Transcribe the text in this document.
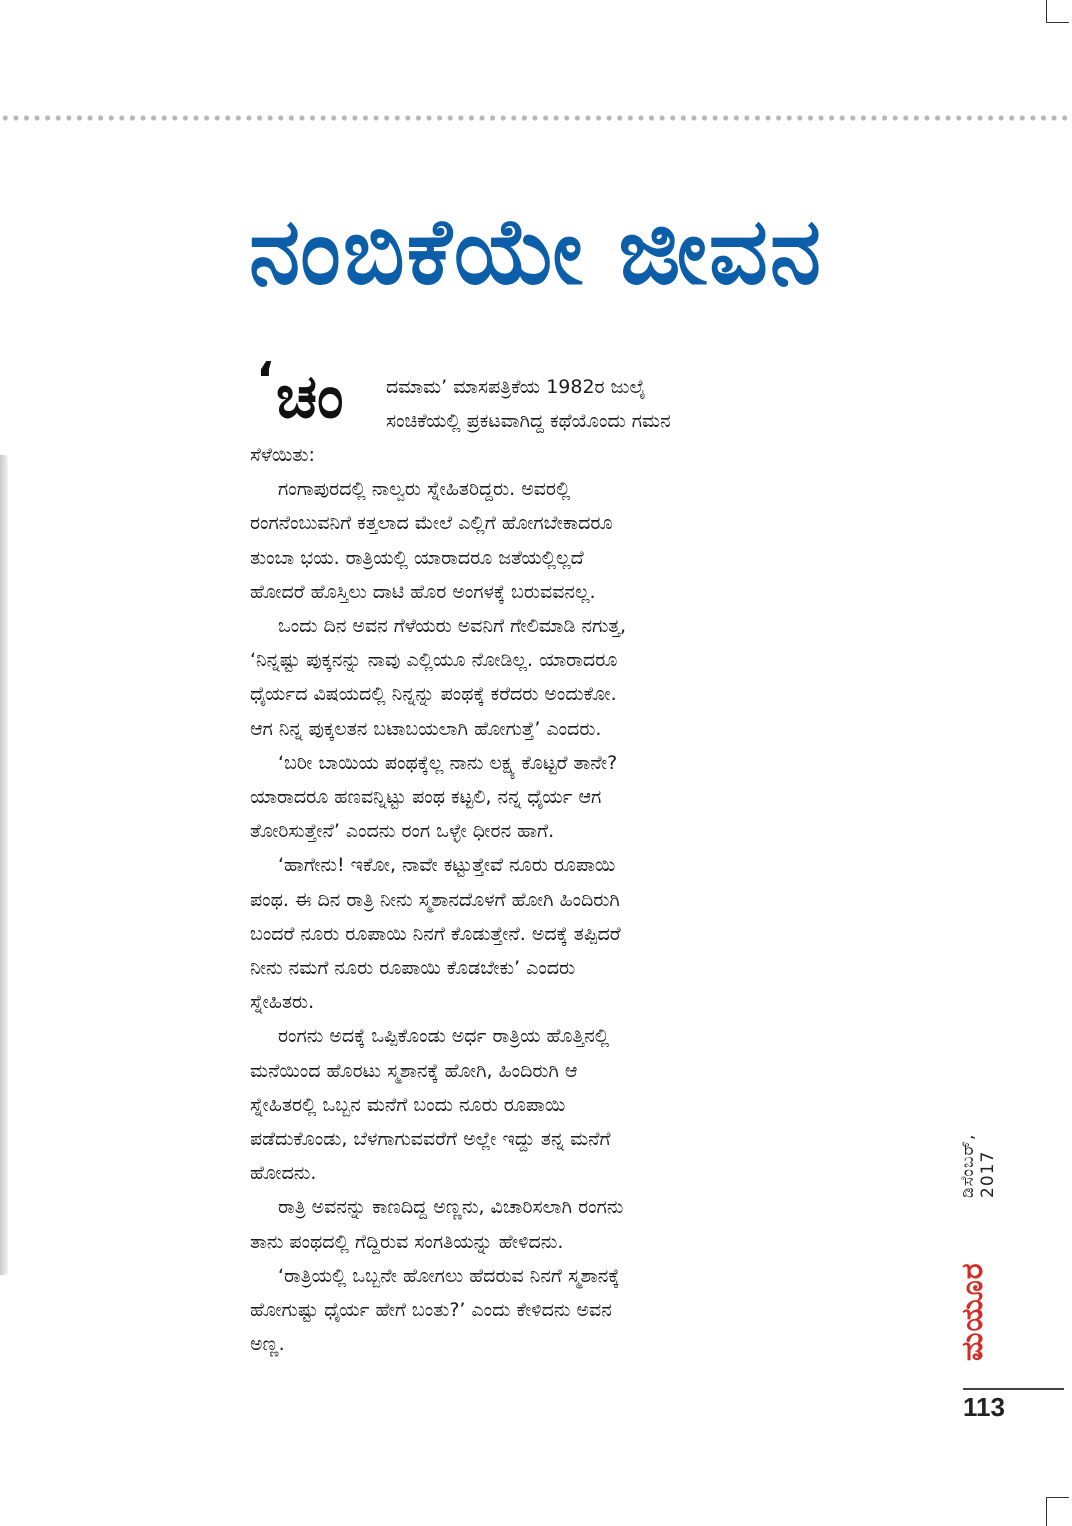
ನಂಬಿಕೆಯೇ ಜೀವನ
‘ ಚಂ ದಮಾಮ’ ಮಾಸಪತ್ರಿಕೆಯ 1982ರ ಜುಲೈ
ಸಂಚಿಕೆಯಲ್ಲಿ ಪ್ರಕಟವಾಗಿದ್ದ ಕಥೆಯೊಂದು ಗಮನ
ಸೆಳೆಯಿತು:

ಗಂಗಾಪುರದಲ್ಲಿ ನಾಲ್ವರು ಸ್ನೇಹಿತರಿದ್ದರು. ಅವರಲ್ಲಿ
ರಂಗನೆಂಬುವನಿಗೆ ಕತ್ತಲಾದ ಮೇಲೆ ಎಲ್ಲಿಗೆ ಹೋಗಬೇಕಾದರೂ
ತುಂಬಾ ಭಯ. ರಾತ್ರಿಯಲ್ಲಿ ಯಾರಾದರೂ ಜತೆಯಲ್ಲಿಲ್ಲದೆ
ಹೋದರೆ ಹೊಸ್ತಿಲು ದಾಟಿ ಹೊರ ಅಂಗಳಕ್ಕೆ ಬರುವವನಲ್ಲ.

ಒಂದು ದಿನ ಅವನ ಗೆಳೆಯರು ಅವನಿಗೆ ಗೇಲಿಮಾಡಿ ನಗುತ್ತ,
‘ನಿನ್ನಷ್ಟು ಪುಕ್ಕನನ್ನು ನಾವು ಎಲ್ಲಿಯೂ ನೋಡಿಲ್ಲ. ಯಾರಾದರೂ
ಧೈರ್ಯದ ವಿಷಯದಲ್ಲಿ ನಿನ್ನನ್ನು ಪಂಥಕ್ಕೆ ಕರೆದರು ಅಂದುಕೋ.
ಆಗ ನಿನ್ನ ಪುಕ್ಕಲತನ ಬಟಾಬಯಲಾಗಿ ಹೋಗುತ್ತೆ’ ಎಂದರು.

‘ಬರೀ ಬಾಯಿಯ ಪಂಥಕ್ಕೆಲ್ಲ ನಾನು ಲಕ್ಷ್ಯ ಕೊಟ್ಟರೆ ತಾನೇ?
ಯಾರಾದರೂ ಹಣವನ್ನಿಟ್ಟು ಪಂಥ ಕಟ್ಟಲಿ, ನನ್ನ ಧೈರ್ಯ ಆಗ
ತೋರಿಸುತ್ತೇನೆ’ ಎಂದನು ರಂಗ ಒಳ್ಳೇ ಧೀರನ ಹಾಗೆ.

‘ಹಾಗೇನು! ಇಕೋ, ನಾವೇ ಕಟ್ಟುತ್ತೇವೆ ನೂರು ರೂಪಾಯಿ
ಪಂಥ. ಈ ದಿನ ರಾತ್ರಿ ನೀನು ಸ್ಮಶಾನದೊಳಗೆ ಹೋಗಿ ಹಿಂದಿರುಗಿ
ಬಂದರೆ ನೂರು ರೂಪಾಯಿ ನಿನಗೆ ಕೊಡುತ್ತೇನೆ. ಅದಕ್ಕೆ ತಪ್ಪಿದರೆ
ನೀನು ನಮಗೆ ನೂರು ರೂಪಾಯಿ ಕೊಡಬೇಕು’ ಎಂದರು
ಸ್ನೇಹಿತರು.

ರಂಗನು ಅದಕ್ಕೆ ಒಪ್ಪಿಕೊಂಡು ಅರ್ಧ ರಾತ್ರಿಯ ಹೊತ್ತಿನಲ್ಲಿ
ಮನೆಯಿಂದ ಹೊರಟು ಸ್ಮಶಾನಕ್ಕೆ ಹೋಗಿ, ಹಿಂದಿರುಗಿ ಆ
ಸ್ನೇಹಿತರಲ್ಲಿ ಒಬ್ಬನ ಮನೆಗೆ ಬಂದು ನೂರು ರೂಪಾಯಿ
ಪಡೆದುಕೊಂಡು, ಬೆಳಗಾಗುವವರೆಗೆ ಅಲ್ಲೇ ಇದ್ದು ತನ್ನ ಮನೆಗೆ
ಹೋದನು.

ರಾತ್ರಿ ಅವನನ್ನು ಕಾಣದಿದ್ದ ಅಣ್ಣನು, ವಿಚಾರಿಸಲಾಗಿ ರಂಗನು
ತಾನು ಪಂಥದಲ್ಲಿ ಗೆದ್ದಿರುವ ಸಂಗತಿಯನ್ನು ಹೇಳಿದನು.

‘ರಾತ್ರಿಯಲ್ಲಿ ಒಬ್ಬನೇ ಹೋಗಲು ಹೆದರುವ ನಿನಗೆ ಸ್ಮಶಾನಕ್ಕೆ
ಹೋಗುಷ್ಟು ಧೈರ್ಯ ಹೇಗೆ ಬಂತು?’ ಎಂದು ಕೇಳಿದನು ಅವನ
ಅಣ್ಣ.

ಡಿಸೆಂಬರ್, 2017
ಮಯೂರ
113
